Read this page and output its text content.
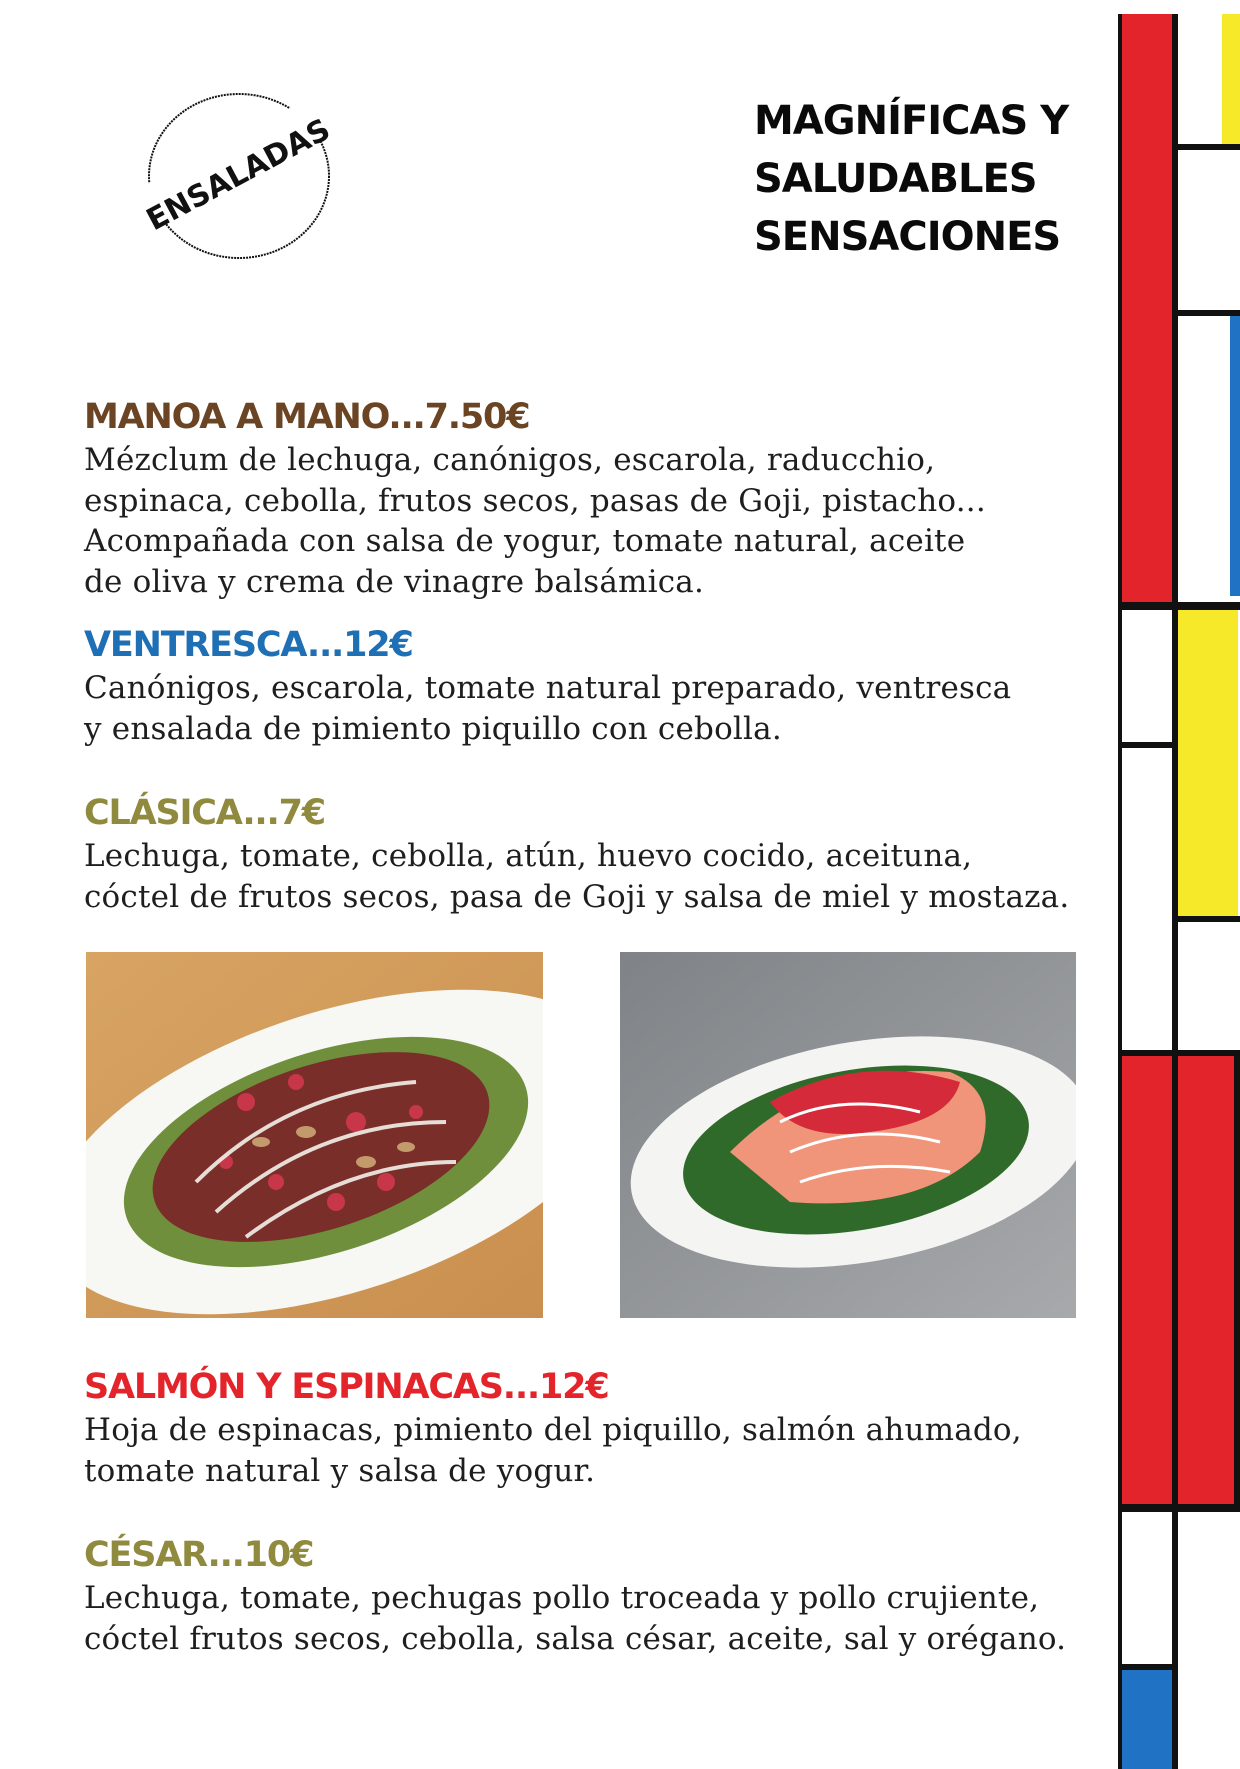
ENSALADAS	MAGNÍFICAS Y
SALUDABLES
SENSACIONES
MANOA A MANO...7.50€

Mézclum de lechuga, canónigos, escarola, raducchio,
espinaca, cebolla, frutos secos, pasas de Goji, pistacho...
Acompañada con salsa de yogur, tomate natural, aceite
de oliva y crema de vinagre balsámica.

VENTRESCA...12€

Canónigos, escarola, tomate natural preparado, ventresca
y ensalada de pimiento piquillo con cebolla.

CLÁSICA...7€

Lechuga, tomate, cebolla, atún, huevo cocido, aceituna,
cóctel de frutos secos, pasa de Goji y salsa de miel y mostaza.

SALMÓN Y ESPINACAS...12€

Hoja de espinacas, pimiento del piquillo, salmón ahumado,
tomate natural y salsa de yogur.

CÉSAR...10€

Lechuga, tomate, pechugas pollo troceada y pollo crujiente,
cóctel frutos secos, cebolla, salsa césar, aceite, sal y orégano.
